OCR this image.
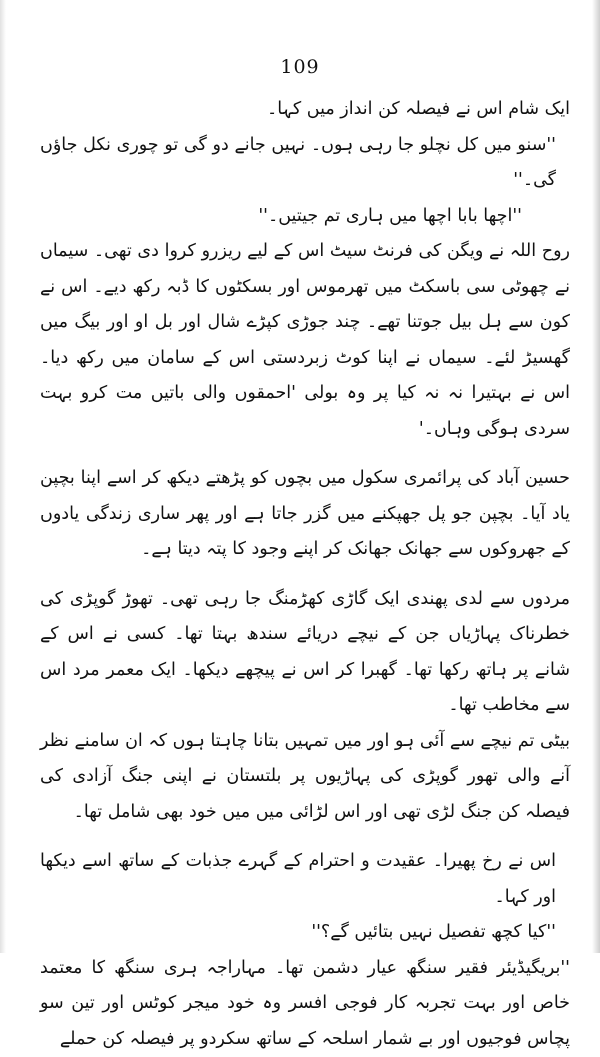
109

ایک شام اس نے فیصلہ کن انداز میں کہا۔

''سنو میں کل نچلو جا رہی ہوں۔ نہیں جانے دو گی تو چوری نکل جاؤں گی۔''

''اچھا بابا اچھا میں ہاری تم جیتیں۔''

روح اللہ نے ویگن کی فرنٹ سیٹ اس کے لیے ریزرو کروا دی تھی۔ سیماں نے چھوٹی سی باسکٹ میں تھرموس اور بسکٹوں کا ڈبہ رکھ دیے۔ اس نے کون سے ہل بیل جوتنا تھے۔ چند جوڑی کپڑے شال اور بل او اور بیگ میں گھسیڑ لئے۔ سیماں نے اپنا کوٹ زبردستی اس کے سامان میں رکھ دیا۔ اس نے بہتیرا نہ نہ کیا پر وہ بولی 'احمقوں والی باتیں مت کرو بہت سردی ہوگی وہاں۔'

حسین آباد کی پرائمری سکول میں بچوں کو پڑھتے دیکھ کر اسے اپنا بچپن یاد آیا۔ بچپن جو پل جھپکنے میں گزر جاتا ہے اور پھر ساری زندگی یادوں کے جھروکوں سے جھانک جھانک کر اپنے وجود کا پتہ دیتا ہے۔

مردوں سے لدی پھندی ایک گاڑی کھڑمنگ جا رہی تھی۔ تھوڑ گوپڑی کی خطرناک پہاڑیاں جن کے نیچے دریائے سندھ بہتا تھا۔ کسی نے اس کے شانے پر ہاتھ رکھا تھا۔ گھبرا کر اس نے پیچھے دیکھا۔ ایک معمر مرد اس سے مخاطب تھا۔

بیٹی تم نیچے سے آئی ہو اور میں تمہیں بتانا چاہتا ہوں کہ ان سامنے نظر آنے والی تھور گوپڑی کی پہاڑیوں پر بلتستان نے اپنی جنگ آزادی کی فیصلہ کن جنگ لڑی تھی اور اس لڑائی میں میں خود بھی شامل تھا۔

اس نے رخ پھیرا۔ عقیدت و احترام کے گہرے جذبات کے ساتھ اسے دیکھا اور کہا۔

''کیا کچھ تفصیل نہیں بتائیں گے؟''

''بریگیڈیئر فقیر سنگھ عیار دشمن تھا۔ مہاراجہ ہری سنگھ کا معتمد خاص اور بہت تجربہ کار فوجی افسر وہ خود میجر کوٹس اور تین سو پچاس فوجیوں اور بے شمار اسلحہ کے ساتھ سکردو پر فیصلہ کن حملے
